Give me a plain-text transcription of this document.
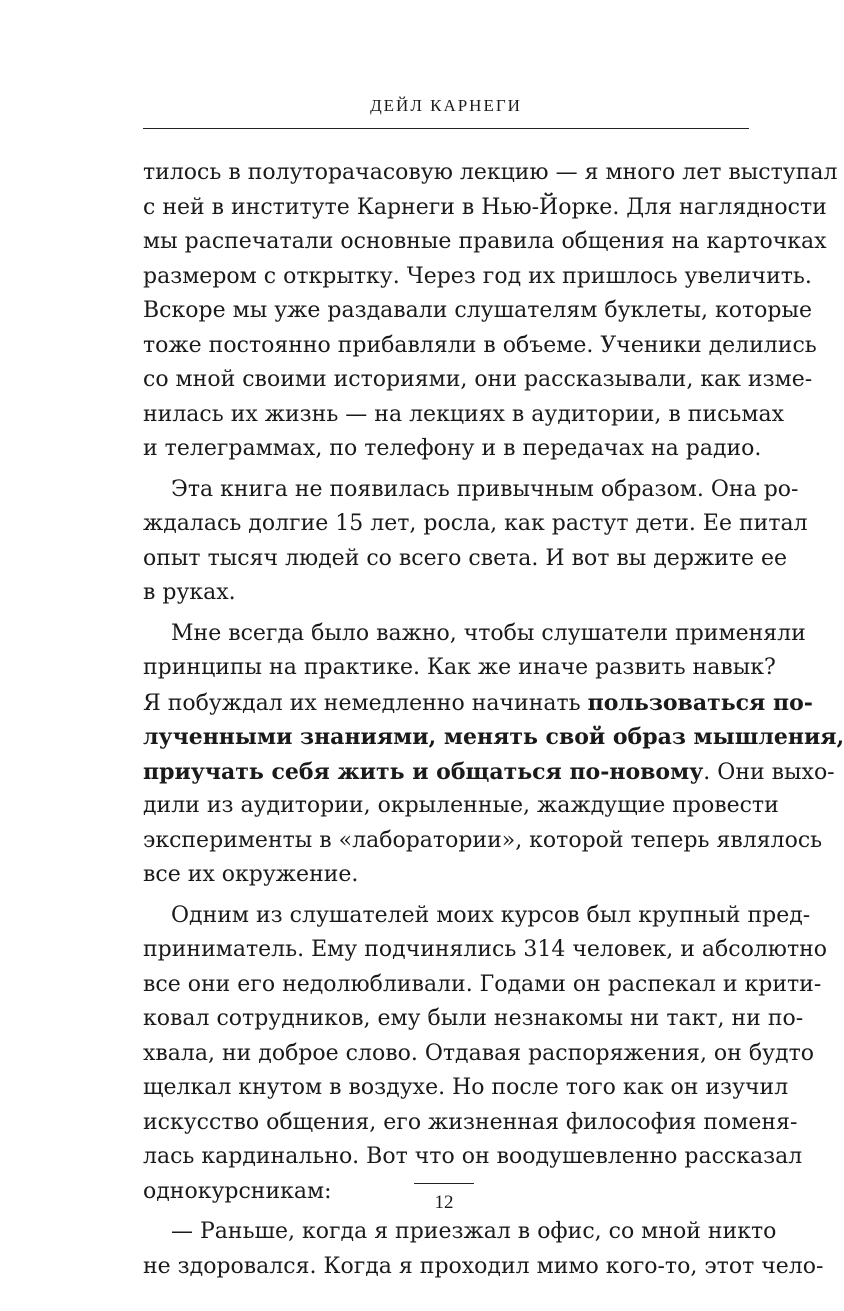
ДЕЙЛ КАРНЕГИ
тилось в полуторачасовую лекцию — я много лет выступал
с ней в институте Карнеги в Нью-Йорке. Для наглядности
мы распечатали основные правила общения на карточках
размером с открытку. Через год их пришлось увеличить.
Вскоре мы уже раздавали слушателям буклеты, которые
тоже постоянно прибавляли в объеме. Ученики делились
со мной своими историями, они рассказывали, как изме-
нилась их жизнь — на лекциях в аудитории, в письмах
и телеграммах, по телефону и в передачах на радио.
Эта книга не появилась привычным образом. Она ро-
ждалась долгие 15 лет, росла, как растут дети. Ее питал
опыт тысяч людей со всего света. И вот вы держите ее
в руках.
Мне всегда было важно, чтобы слушатели применяли
принципы на практике. Как же иначе развить навык?
Я побуждал их немедленно начинать пользоваться по-
лученными знаниями, менять свой образ мышления,
приучать себя жить и общаться по-новому. Они выхо-
дили из аудитории, окрыленные, жаждущие провести
эксперименты в «лаборатории», которой теперь являлось
все их окружение.
Одним из слушателей моих курсов был крупный пред-
приниматель. Ему подчинялись 314 человек, и абсолютно
все они его недолюбливали. Годами он распекал и крити-
ковал сотрудников, ему были незнакомы ни такт, ни по-
хвала, ни доброе слово. Отдавая распоряжения, он будто
щелкал кнутом в воздухе. Но после того как он изучил
искусство общения, его жизненная философия поменя-
лась кардинально. Вот что он воодушевленно рассказал
однокурсникам:
— Раньше, когда я приезжал в офис, со мной никто
не здоровался. Когда я проходил мимо кого-то, этот чело-
12
